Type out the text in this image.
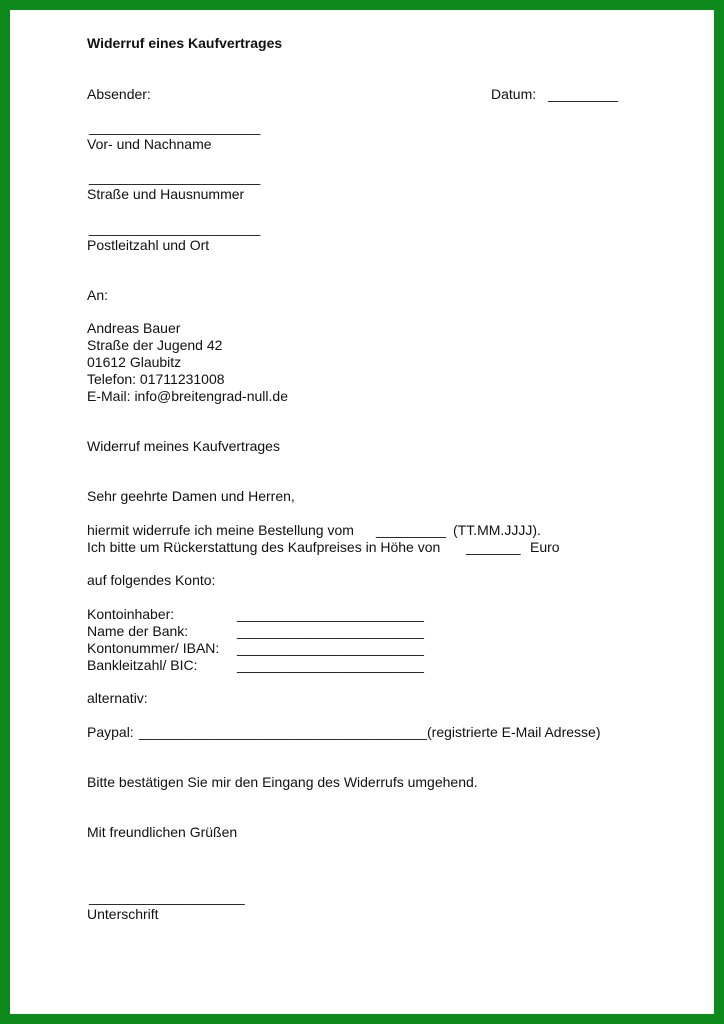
Widerruf eines Kaufvertrages

Absender:	Datum: _________

______________________

Vor- und Nachname

______________________

Straße und Hausnummer

______________________

Postleitzahl und Ort

An:

Andreas Bauer

Straße der Jugend 42

01612 Glaubitz

Telefon: 01711231008

E-Mail: info@breitengrad-null.de

Widerruf meines Kaufvertrages

Sehr geehrte Damen und Herren,

hiermit widerrufe ich meine Bestellung vom _________ (TT.MM.JJJJ).

Ich bitte um Rückerstattung des Kaufpreises in Höhe von _______ Euro

auf folgendes Konto:

Kontoinhaber:	________________________

Name der Bank:	________________________

Kontonummer/ IBAN: ________________________

Bankleitzahl/ BIC:	________________________

alternativ:

Paypal: _____________________________________ (registrierte E-Mail Adresse)

Bitte bestätigen Sie mir den Eingang des Widerrufs umgehend.

Mit freundlichen Grüßen

____________________

Unterschrift
